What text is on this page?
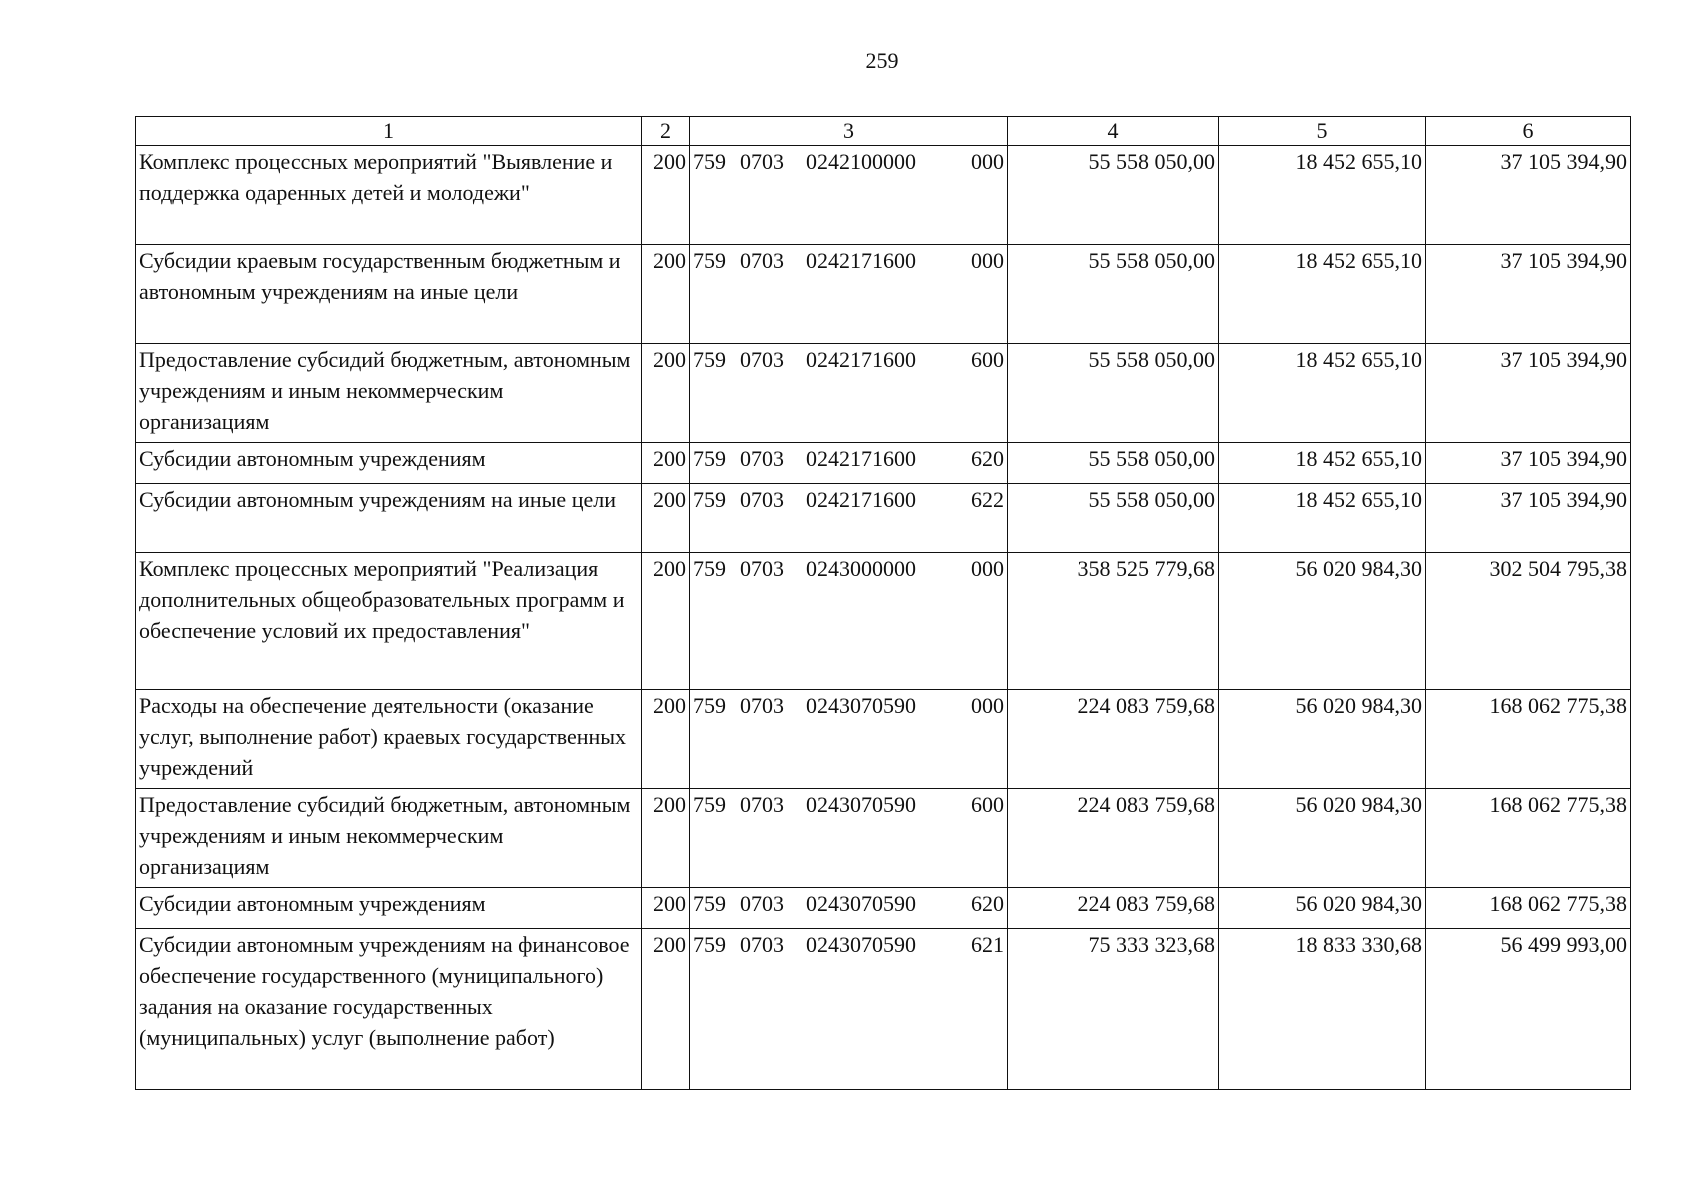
259
1	2	3	4	5	6
Комплекс процессных мероприятий "Выявление и поддержка одаренных детей и молодежи"	200	759 0703 0242100000 000	55 558 050,00	18 452 655,10	37 105 394,90
Субсидии краевым государственным бюджетным и автономным учреждениям на иные цели	200	759 0703 0242171600 000	55 558 050,00	18 452 655,10	37 105 394,90
Предоставление субсидий бюджетным, автономным учреждениям и иным некоммерческим организациям	200	759 0703 0242171600 600	55 558 050,00	18 452 655,10	37 105 394,90
Субсидии автономным учреждениям	200	759 0703 0242171600 620	55 558 050,00	18 452 655,10	37 105 394,90
Субсидии автономным учреждениям на иные цели	200	759 0703 0242171600 622	55 558 050,00	18 452 655,10	37 105 394,90
Комплекс процессных мероприятий "Реализация дополнительных общеобразовательных программ и обеспечение условий их предоставления"	200	759 0703 0243000000 000	358 525 779,68	56 020 984,30	302 504 795,38
Расходы на обеспечение деятельности (оказание услуг, выполнение работ) краевых государственных учреждений	200	759 0703 0243070590 000	224 083 759,68	56 020 984,30	168 062 775,38
Предоставление субсидий бюджетным, автономным учреждениям и иным некоммерческим организациям	200	759 0703 0243070590 600	224 083 759,68	56 020 984,30	168 062 775,38
Субсидии автономным учреждениям	200	759 0703 0243070590 620	224 083 759,68	56 020 984,30	168 062 775,38
Субсидии автономным учреждениям на финансовое обеспечение государственного (муниципального) задания на оказание государственных (муниципальных) услуг (выполнение работ)	200	759 0703 0243070590 621	75 333 323,68	18 833 330,68	56 499 993,00
